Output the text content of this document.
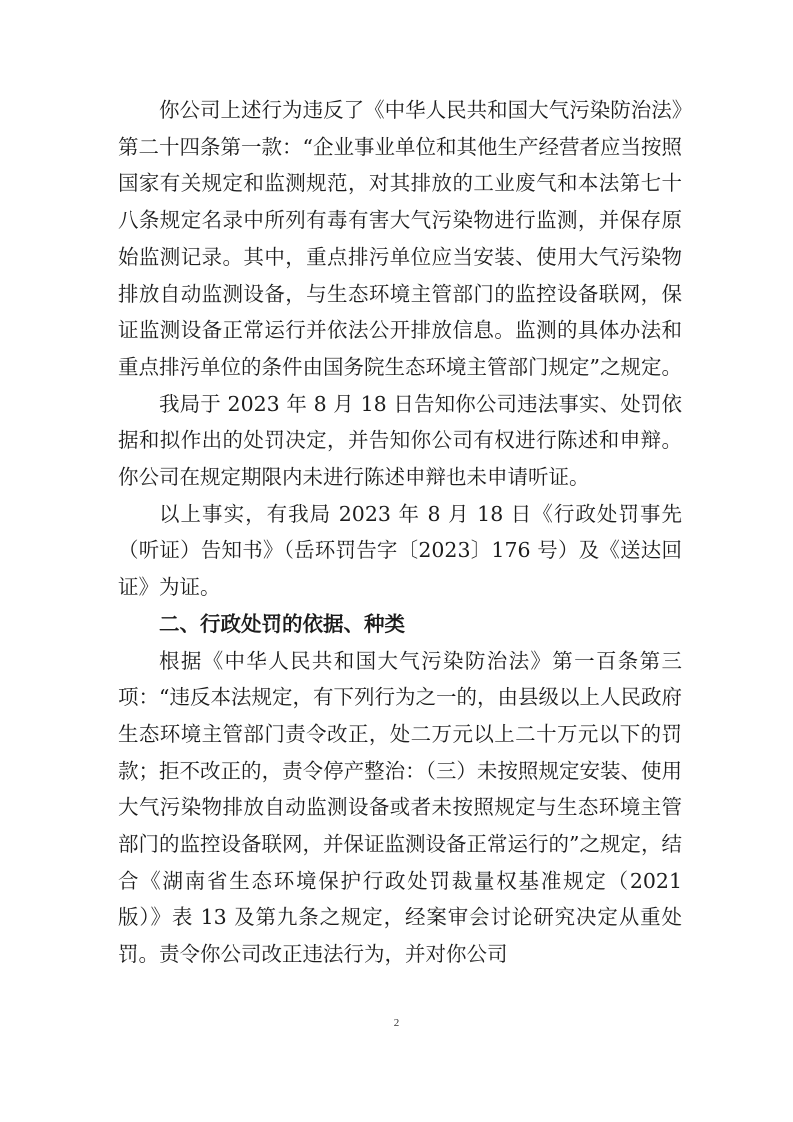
你公司上述行为违反了《中华人民共和国大气污染防治法》第二十四条第一款：“企业事业单位和其他生产经营者应当按照国家有关规定和监测规范，对其排放的工业废气和本法第七十八条规定名录中所列有毒有害大气污染物进行监测，并保存原始监测记录。其中，重点排污单位应当安装、使用大气污染物排放自动监测设备，与生态环境主管部门的监控设备联网，保证监测设备正常运行并依法公开排放信息。监测的具体办法和重点排污单位的条件由国务院生态环境主管部门规定”之规定。

我局于 2023 年 8 月 18 日告知你公司违法事实、处罚依据和拟作出的处罚决定，并告知你公司有权进行陈述和申辩。你公司在规定期限内未进行陈述申辩也未申请听证。

以上事实，有我局 2023 年 8 月 18 日《行政处罚事先（听证）告知书》（岳环罚告字〔2023〕176 号）及《送达回证》为证。

二、行政处罚的依据、种类

根据《中华人民共和国大气污染防治法》第一百条第三项：“违反本法规定，有下列行为之一的，由县级以上人民政府生态环境主管部门责令改正，处二万元以上二十万元以下的罚款；拒不改正的，责令停产整治：（三）未按照规定安装、使用大气污染物排放自动监测设备或者未按照规定与生态环境主管部门的监控设备联网，并保证监测设备正常运行的”之规定，结合《湖南省生态环境保护行政处罚裁量权基准规定（2021 版）》表 13 及第九条之规定，经案审会讨论研究决定从重处罚。责令你公司改正违法行为，并对你公司

2
